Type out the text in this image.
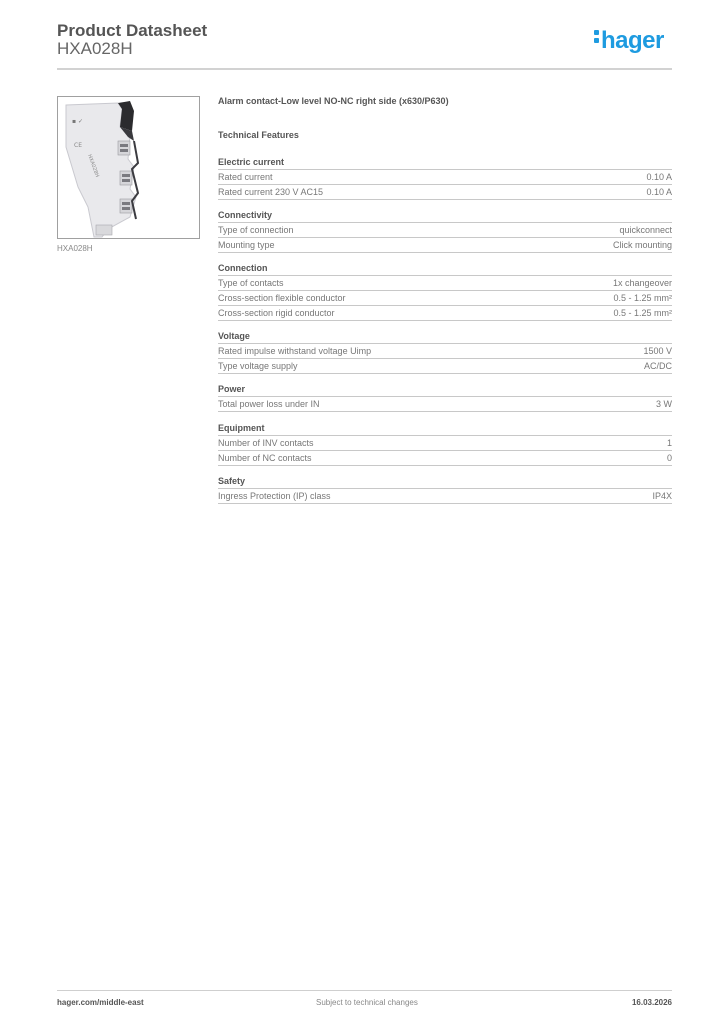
Product Datasheet
HXA028H	hager
▪ ✓
HXA028H
CE
HXA028H
Alarm contact-Low level NO-NC right side (x630/P630)
Technical Features
Electric current
Rated current	0.10 A
Rated current 230 V AC15	0.10 A
Connectivity
Type of connection	quickconnect
Mounting type	Click mounting
Connection
Type of contacts	1x changeover
Cross-section flexible conductor	0.5 - 1.25 mm²
Cross-section rigid conductor	0.5 - 1.25 mm²
Voltage
Rated impulse withstand voltage Uimp	1500 V
Type voltage supply	AC/DC
Power
Total power loss under IN	3 W
Equipment
Number of INV contacts	1
Number of NC contacts	0
Safety
Ingress Protection (IP) class	IP4X
hager.com/middle-east	Subject to technical changes	16.03.2026
